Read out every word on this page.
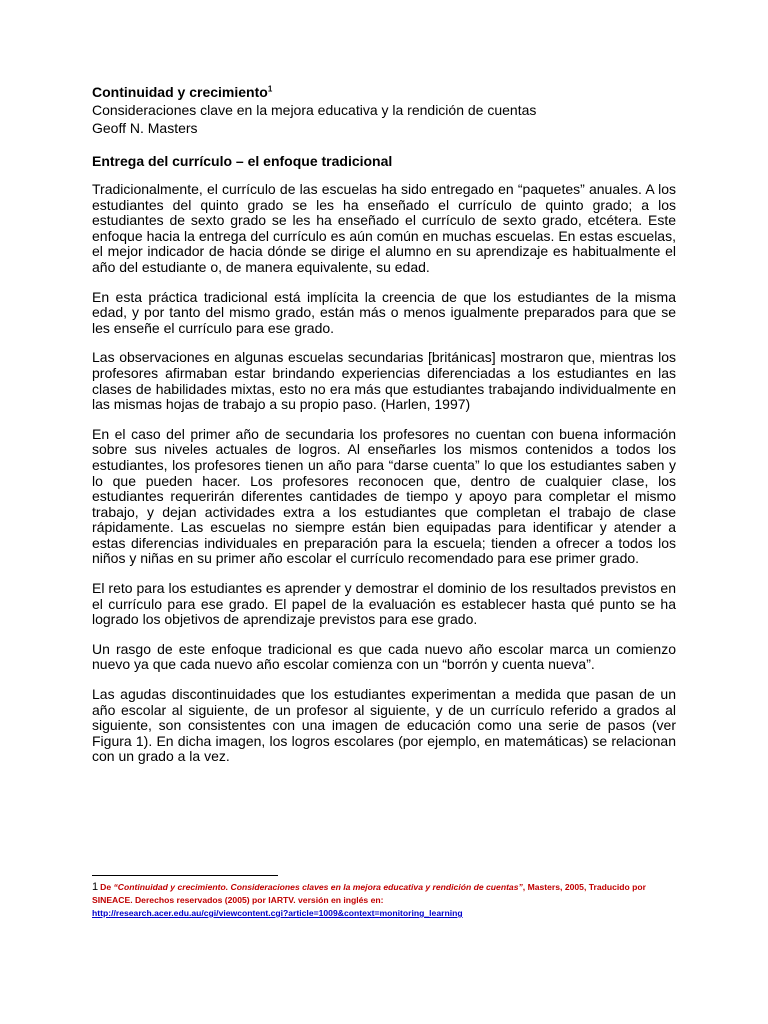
Continuidad y crecimiento$^1$

Consideraciones clave en la mejora educativa y la rendición de cuentas

Geoff N. Masters

Entrega del currículo – el enfoque tradicional

Tradicionalmente, el currículo de las escuelas ha sido entregado en “paquetes” anuales. A los estudiantes del quinto grado se les ha enseñado el currículo de quinto grado; a los estudiantes de sexto grado se les ha enseñado el currículo de sexto grado, etcétera. Este enfoque hacia la entrega del currículo es aún común en muchas escuelas. En estas escuelas, el mejor indicador de hacia dónde se dirige el alumno en su aprendizaje es habitualmente el año del estudiante o, de manera equivalente, su edad.

En esta práctica tradicional está implícita la creencia de que los estudiantes de la misma edad, y por tanto del mismo grado, están más o menos igualmente preparados para que se les enseñe el currículo para ese grado.

Las observaciones en algunas escuelas secundarias [británicas] mostraron que, mientras los profesores afirmaban estar brindando experiencias diferenciadas a los estudiantes en las clases de habilidades mixtas, esto no era más que estudiantes trabajando individualmente en las mismas hojas de trabajo a su propio paso. (Harlen, 1997)

En el caso del primer año de secundaria los profesores no cuentan con buena información sobre sus niveles actuales de logros. Al enseñarles los mismos contenidos a todos los estudiantes, los profesores tienen un año para “darse cuenta” lo que los estudiantes saben y lo que pueden hacer. Los profesores reconocen que, dentro de cualquier clase, los estudiantes requerirán diferentes cantidades de tiempo y apoyo para completar el mismo trabajo, y dejan actividades extra a los estudiantes que completan el trabajo de clase rápidamente. Las escuelas no siempre están bien equipadas para identificar y atender a estas diferencias individuales en preparación para la escuela; tienden a ofrecer a todos los niños y niñas en su primer año escolar el currículo recomendado para ese primer grado.

El reto para los estudiantes es aprender y demostrar el dominio de los resultados previstos en el currículo para ese grado. El papel de la evaluación es establecer hasta qué punto se ha logrado los objetivos de aprendizaje previstos para ese grado.

Un rasgo de este enfoque tradicional es que cada nuevo año escolar marca un comienzo nuevo ya que cada nuevo año escolar comienza con un “borrón y cuenta nueva”.

Las agudas discontinuidades que los estudiantes experimentan a medida que pasan de un año escolar al siguiente, de un profesor al siguiente, y de un currículo referido a grados al siguiente, son consistentes con una imagen de educación como una serie de pasos (ver Figura 1). En dicha imagen, los logros escolares (por ejemplo, en matemáticas) se relacionan con un grado a la vez.

1 De “Continuidad y crecimiento. Consideraciones claves en la mejora educativa y rendición de cuentas”, Masters, 2005, Traducido por SINEACE. Derechos reservados (2005) por IARTV. versión en inglés en:
http://research.acer.edu.au/cgi/viewcontent.cgi?article=1009&context=monitoring_learning
